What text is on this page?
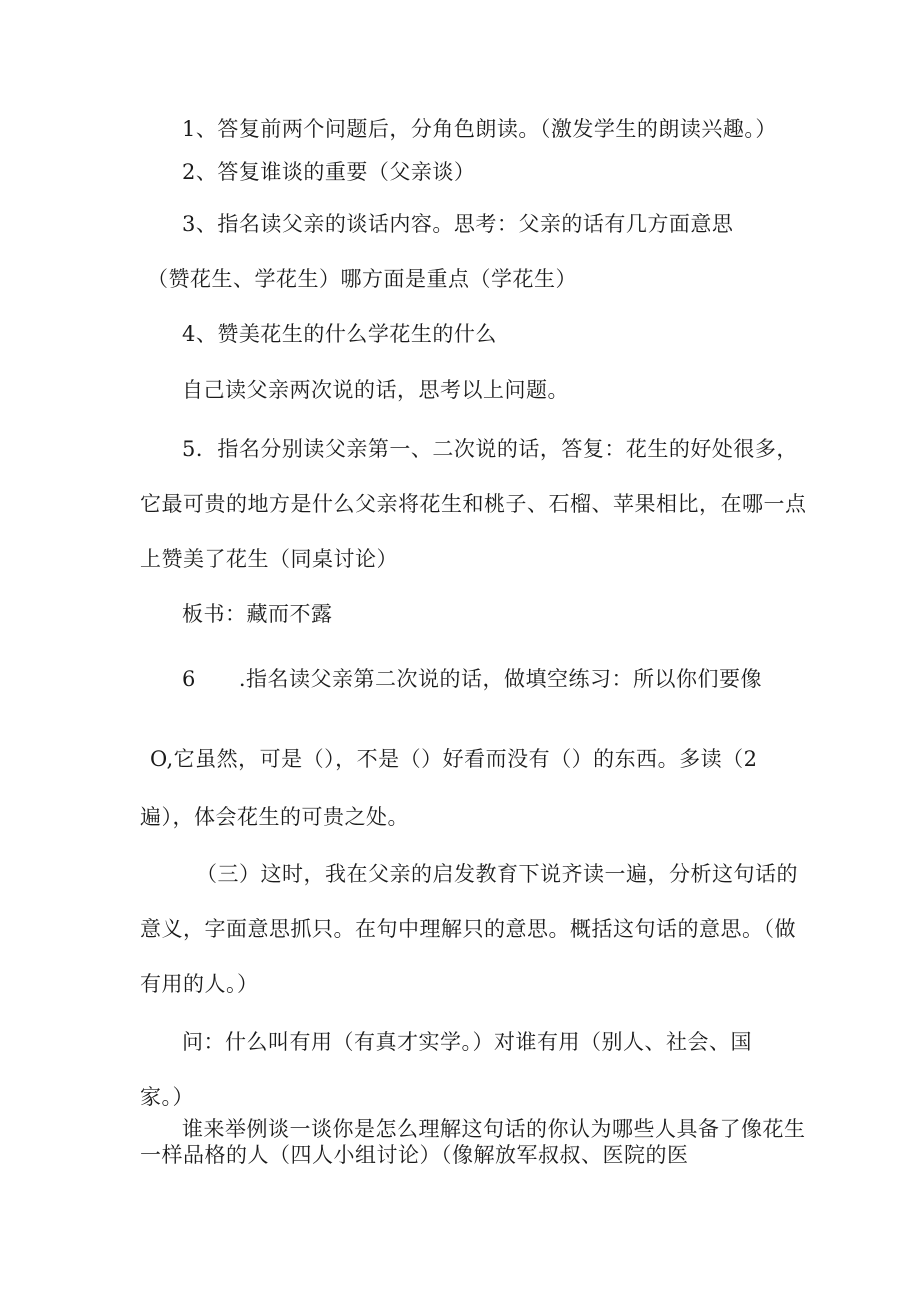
1、答复前两个问题后，分角色朗读。（激发学生的朗读兴趣。）
2、答复谁谈的重要（父亲谈）
3、指名读父亲的谈话内容。思考：父亲的话有几方面意思
（赞花生、学花生）哪方面是重点（学花生）
4、赞美花生的什么学花生的什么
自己读父亲两次说的话，思考以上问题。
5．指名分别读父亲第一、二次说的话，答复：花生的好处很多，
它最可贵的地方是什么父亲将花生和桃子、石榴、苹果相比，在哪一点
上赞美了花生（同桌讨论）
板书：藏而不露
6　　.指名读父亲第二次说的话，做填空练习：所以你们要像
O,它虽然，可是（），不是（）好看而没有（）的东西。多读（2
遍），体会花生的可贵之处。
（三）这时，我在父亲的启发教育下说齐读一遍，分析这句话的
意义，字面意思抓只。在句中理解只的意思。概括这句话的意思。（做
有用的人。）
问：什么叫有用（有真才实学。）对谁有用（别人、社会、国
家。）
谁来举例谈一谈你是怎么理解这句话的你认为哪些人具备了像花生
一样品格的人（四人小组讨论）（像解放军叔叔、医院的医
